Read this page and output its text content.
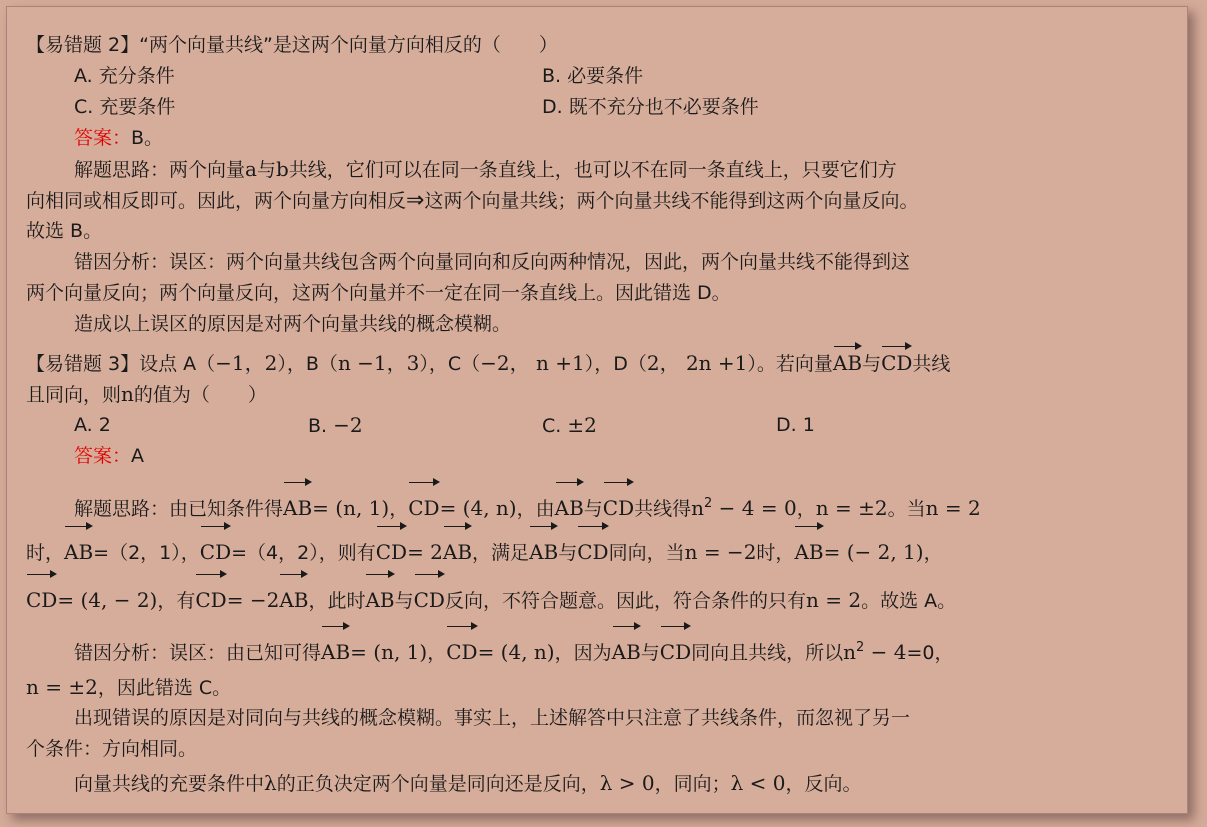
【易错题 2】“两个向量共线”是这两个向量方向相反的（　　）
A. 充分条件	B. 必要条件
C. 充要条件	D. 既不充分也不必要条件
答案：B。
解题思路：两个向量a与b共线，它们可以在同一条直线上，也可以不在同一条直线上，只要它们方
向相同或相反即可。因此，两个向量方向相反⇒这两个向量共线；两个向量共线不能得到这两个向量反向。
故选 B。
错因分析：误区：两个向量共线包含两个向量同向和反向两种情况，因此，两个向量共线不能得到这
两个向量反向；两个向量反向，这两个向量并不一定在同一条直线上。因此错选 D。
造成以上误区的原因是对两个向量共线的概念模糊。
【易错题 3】设点 A（−1，2），B（n −1，3），C（−2， n +1），D（2， 2n +1）。若向量AB与CD共线
且同向，则n的值为（　　）
A. 2	B. −2	C. ±2	D. 1
答案：A
解题思路：由已知条件得AB= (n, 1)，CD= (4, n)，由AB与CD共线得$n^2 - 4 = 0$，n = ±2。当n = 2
时，AB=（2，1），CD=（4，2），则有CD= 2AB，满足AB与CD同向，当n = −2时，AB= (− 2, 1)，
CD= (4, − 2)，有CD= −2AB，此时AB与CD反向，不符合题意。因此，符合条件的只有n = 2。故选 A。
错因分析：误区：由已知可得AB= (n, 1)，CD= (4, n)，因为AB与CD同向且共线，所以$n^2 - 4=0$，
n = ±2，因此错选 C。
出现错误的原因是对同向与共线的概念模糊。事实上，上述解答中只注意了共线条件，而忽视了另一
个条件：方向相同。
向量共线的充要条件中λ的正负决定两个向量是同向还是反向，λ > 0，同向；λ < 0，反向。
